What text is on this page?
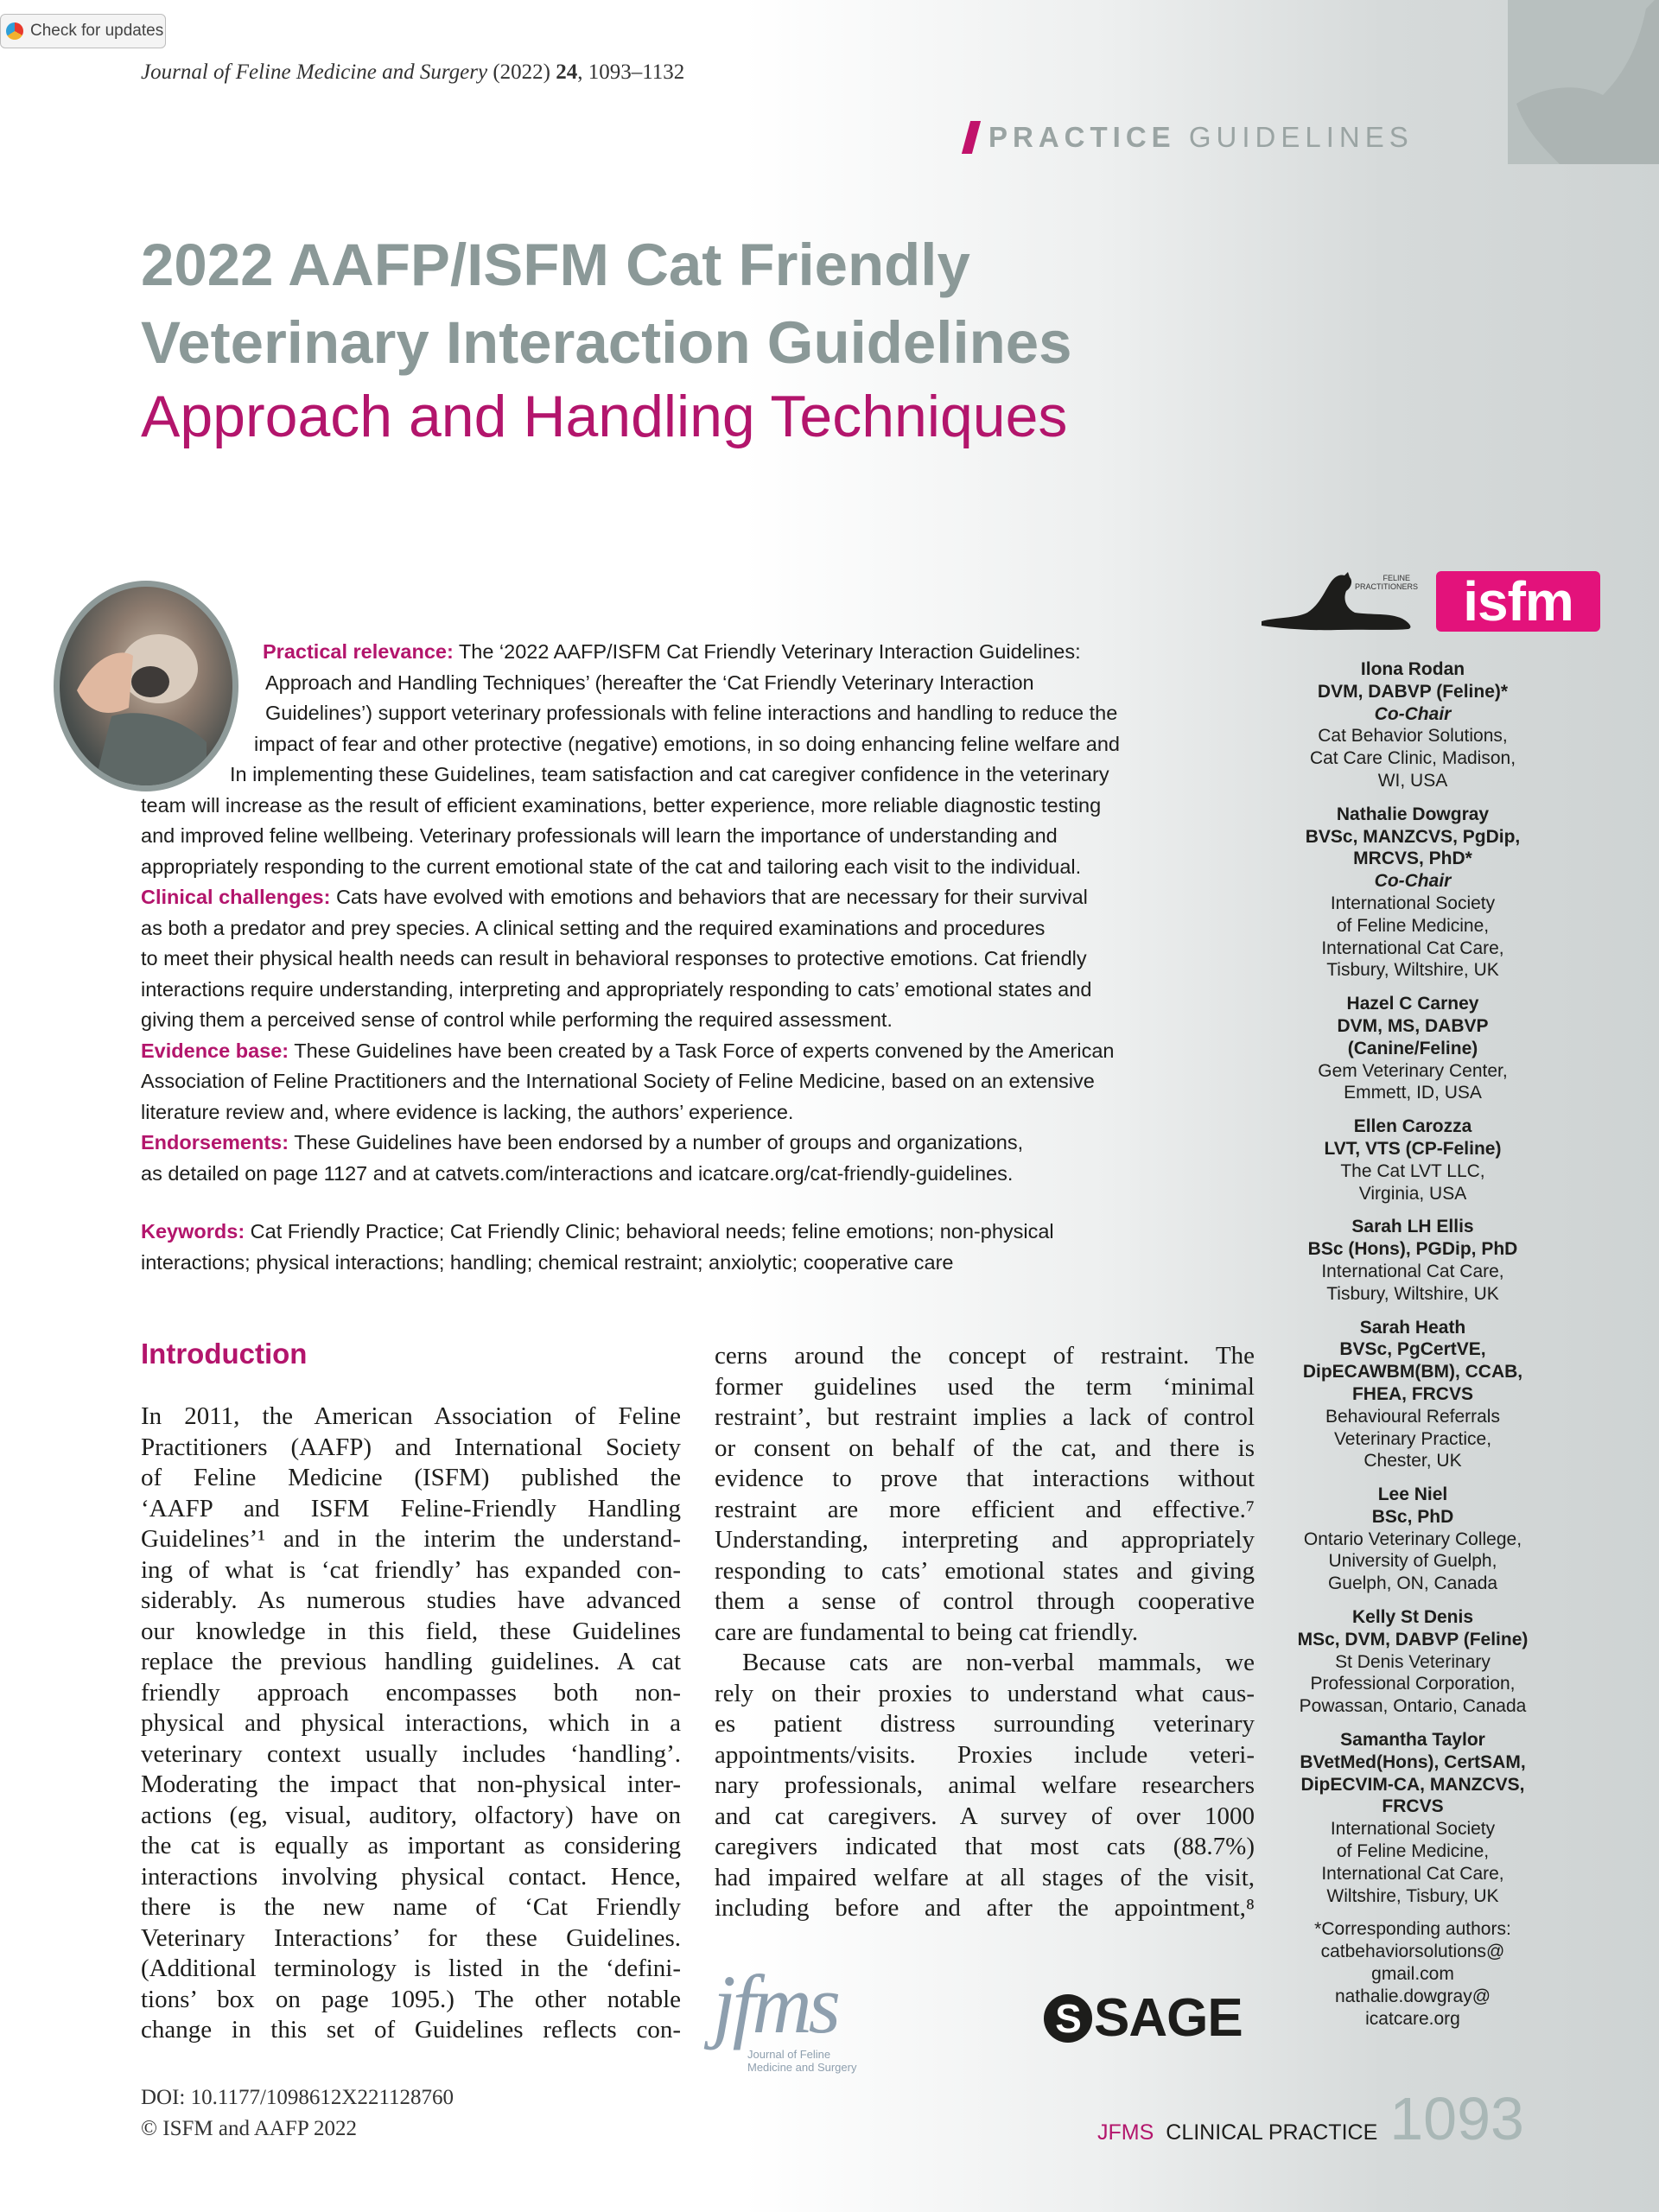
Check for updates
Journal of Feline Medicine and Surgery (2022) 24, 1093–1132
PRACTICE GUIDELINES
2022 AAFP/ISFM Cat Friendly
Veterinary Interaction Guidelines
Approach and Handling Techniques

Practical relevance: The ‘2022 AAFP/ISFM Cat Friendly Veterinary Interaction Guidelines:

Approach and Handling Techniques’ (hereafter the ‘Cat Friendly Veterinary Interaction

Guidelines’) support veterinary professionals with feline interactions and handling to reduce the

impact of fear and other protective (negative) emotions, in so doing enhancing feline welfare and

In implementing these Guidelines, team satisfaction and cat caregiver confidence in the veterinary

team will increase as the result of efficient examinations, better experience, more reliable diagnostic testing

and improved feline wellbeing. Veterinary professionals will learn the importance of understanding and

appropriately responding to the current emotional state of the cat and tailoring each visit to the individual.

Clinical challenges: Cats have evolved with emotions and behaviors that are necessary for their survival

as both a predator and prey species. A clinical setting and the required examinations and procedures

to meet their physical health needs can result in behavioral responses to protective emotions. Cat friendly

interactions require understanding, interpreting and appropriately responding to cats’ emotional states and

giving them a perceived sense of control while performing the required assessment.

Evidence base: These Guidelines have been created by a Task Force of experts convened by the American

Association of Feline Practitioners and the International Society of Feline Medicine, based on an extensive

literature review and, where evidence is lacking, the authors’ experience.

Endorsements: These Guidelines have been endorsed by a number of groups and organizations,

as detailed on page 1127 and at catvets.com/interactions and icatcare.org/cat-friendly-guidelines.

Keywords: Cat Friendly Practice; Cat Friendly Clinic; behavioral needs; feline emotions; non-physical

interactions; physical interactions; handling; chemical restraint; anxiolytic; cooperative care

Introduction

In 2011, the American Association of Feline

Practitioners (AAFP) and International Society

of Feline Medicine (ISFM) published the

‘AAFP and ISFM Feline-Friendly Handling

Guidelines’¹ and in the interim the understand-

ing of what is ‘cat friendly’ has expanded con-

siderably. As numerous studies have advanced

our knowledge in this field, these Guidelines

replace the previous handling guidelines. A cat

friendly approach encompasses both non-

physical and physical interactions, which in a

veterinary context usually includes ‘handling’.

Moderating the impact that non-physical inter-

actions (eg, visual, auditory, olfactory) have on

the cat is equally as important as considering

interactions involving physical contact. Hence,

there is the new name of ‘Cat Friendly

Veterinary Interactions’ for these Guidelines.

(Additional terminology is listed in the ‘defini-

tions’ box on page 1095.) The other notable

change in this set of Guidelines reflects con-

cerns around the concept of restraint. The

former guidelines used the term ‘minimal

restraint’, but restraint implies a lack of control

or consent on behalf of the cat, and there is

evidence to prove that interactions without

restraint are more efficient and effective.⁷

Understanding, interpreting and appropriately

responding to cats’ emotional states and giving

them a sense of control through cooperative

care are fundamental to being cat friendly.

Because cats are non-verbal mammals, we

rely on their proxies to understand what caus-

es patient distress surrounding veterinary

appointments/visits. Proxies include veteri-

nary professionals, animal welfare researchers

and cat caregivers. A survey of over 1000

caregivers indicated that most cats (88.7%)

had impaired welfare at all stages of the visit,

including before and after the appointment,⁸

jfms
Journal of Feline
Medicine and Surgery
S SAGE
DOI: 10.1177/1098612X221128760
© ISFM and AAFP 2022	JFMS CLINICAL PRACTICE 1093
FELINE
PRACTITIONERS isfm
Ilona Rodan
DVM, DABVP (Feline)*
Co-Chair
Cat Behavior Solutions,
Cat Care Clinic, Madison,
WI, USA
Nathalie Dowgray
BVSc, MANZCVS, PgDip,
MRCVS, PhD*
Co-Chair
International Society
of Feline Medicine,
International Cat Care,
Tisbury, Wiltshire, UK
Hazel C Carney
DVM, MS, DABVP
(Canine/Feline)
Gem Veterinary Center,
Emmett, ID, USA
Ellen Carozza
LVT, VTS (CP-Feline)
The Cat LVT LLC,
Virginia, USA
Sarah LH Ellis
BSc (Hons), PGDip, PhD
International Cat Care,
Tisbury, Wiltshire, UK
Sarah Heath
BVSc, PgCertVE,
DipECAWBM(BM), CCAB,
FHEA, FRCVS
Behavioural Referrals
Veterinary Practice,
Chester, UK
Lee Niel
BSc, PhD
Ontario Veterinary College,
University of Guelph,
Guelph, ON, Canada
Kelly St Denis
MSc, DVM, DABVP (Feline)
St Denis Veterinary
Professional Corporation,
Powassan, Ontario, Canada
Samantha Taylor
BVetMed(Hons), CertSAM,
DipECVIM-CA, MANZCVS,
FRCVS
International Society
of Feline Medicine,
International Cat Care,
Wiltshire, Tisbury, UK
*Corresponding authors:
catbehaviorsolutions@
gmail.com
nathalie.dowgray@
icatcare.org
